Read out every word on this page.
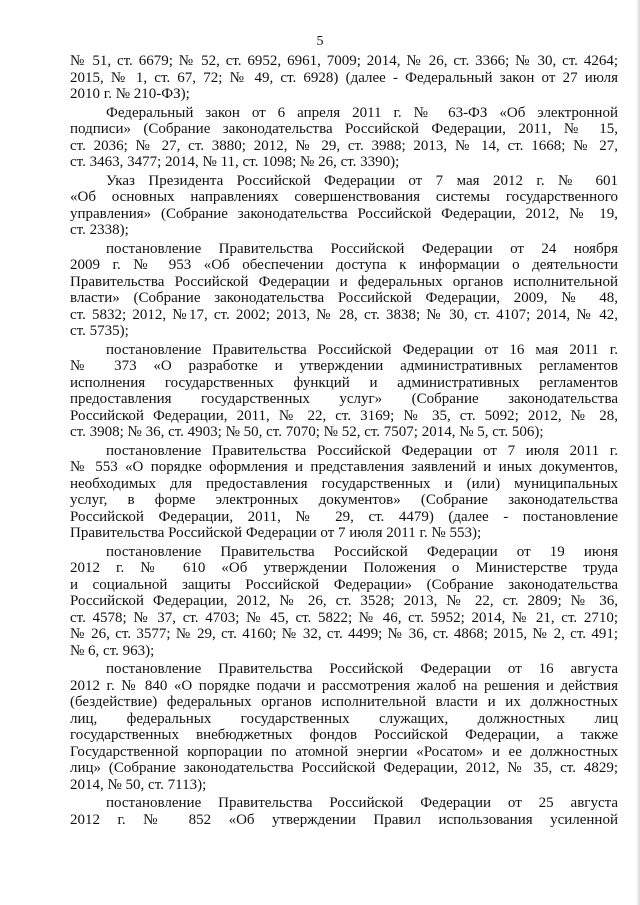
5
№ 51, ст. 6679; № 52, ст. 6952, 6961, 7009; 2014, № 26, ст. 3366; № 30, ст. 4264;
2015, № 1, ст. 67, 72; № 49, ст. 6928) (далее - Федеральный закон от 27 июля
2010 г. № 210-ФЗ);
Федеральный закон от 6 апреля 2011 г. № 63-ФЗ «Об электронной
подписи» (Собрание законодательства Российской Федерации, 2011, № 15,
ст. 2036; № 27, ст. 3880; 2012, № 29, ст. 3988; 2013, № 14, ст. 1668; № 27,
ст. 3463, 3477; 2014, № 11, ст. 1098; № 26, ст. 3390);
Указ Президента Российской Федерации от 7 мая 2012 г. № 601
«Об основных направлениях совершенствования системы государственного
управления» (Собрание законодательства Российской Федерации, 2012, № 19,
ст. 2338);
постановление Правительства Российской Федерации от 24 ноября
2009 г. № 953 «Об обеспечении доступа к информации о деятельности
Правительства Российской Федерации и федеральных органов исполнительной
власти» (Собрание законодательства Российской Федерации, 2009, № 48,
ст. 5832; 2012, №17, ст. 2002; 2013, № 28, ст. 3838; № 30, ст. 4107; 2014, № 42,
ст. 5735);
постановление Правительства Российской Федерации от 16 мая 2011 г.
№ 373 «О разработке и утверждении административных регламентов
исполнения государственных функций и административных регламентов
предоставления государственных услуг» (Собрание законодательства
Российской Федерации, 2011, № 22, ст. 3169; № 35, ст. 5092; 2012, № 28,
ст. 3908; № 36, ст. 4903; № 50, ст. 7070; № 52, ст. 7507; 2014, № 5, ст. 506);
постановление Правительства Российской Федерации от 7 июля 2011 г.
№ 553 «О порядке оформления и представления заявлений и иных документов,
необходимых для предоставления государственных и (или) муниципальных
услуг, в форме электронных документов» (Собрание законодательства
Российской Федерации, 2011, № 29, ст. 4479) (далее - постановление
Правительства Российской Федерации от 7 июля 2011 г. № 553);
постановление Правительства Российской Федерации от 19 июня
2012 г. № 610 «Об утверждении Положения о Министерстве труда
и социальной защиты Российской Федерации» (Собрание законодательства
Российской Федерации, 2012, № 26, ст. 3528; 2013, № 22, ст. 2809; № 36,
ст. 4578; № 37, ст. 4703; № 45, ст. 5822; № 46, ст. 5952; 2014, № 21, ст. 2710;
№ 26, ст. 3577; № 29, ст. 4160; № 32, ст. 4499; № 36, ст. 4868; 2015, № 2, ст. 491;
№ 6, ст. 963);
постановление Правительства Российской Федерации от 16 августа
2012 г. № 840 «О порядке подачи и рассмотрения жалоб на решения и действия
(бездействие) федеральных органов исполнительной власти и их должностных
лиц, федеральных государственных служащих, должностных лиц
государственных внебюджетных фондов Российской Федерации, а также
Государственной корпорации по атомной энергии «Росатом» и ее должностных
лиц» (Собрание законодательства Российской Федерации, 2012, № 35, ст. 4829;
2014, № 50, ст. 7113);
постановление Правительства Российской Федерации от 25 августа
2012 г. № 852 «Об утверждении Правил использования усиленной
